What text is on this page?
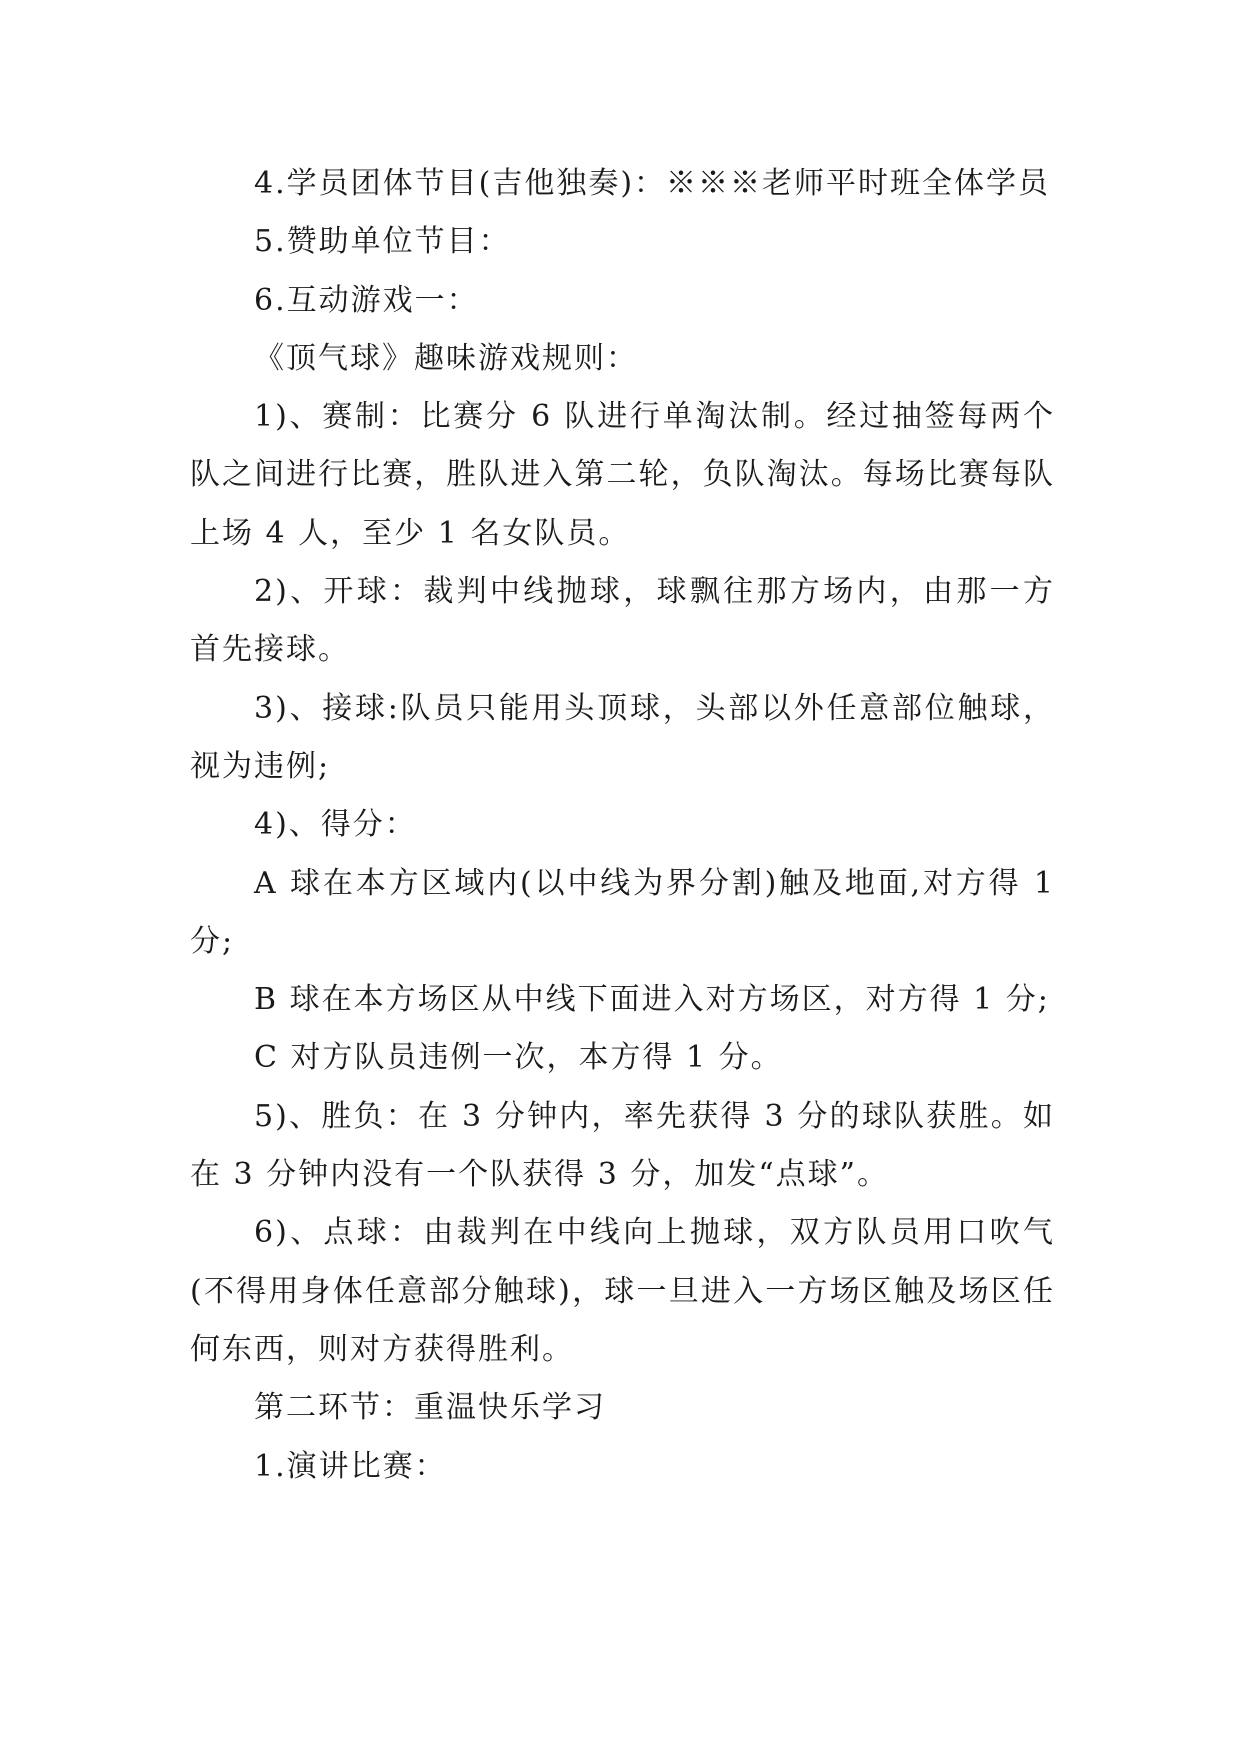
4.学员团体节目(吉他独奏)：※※※老师平时班全体学员

5.赞助单位节目：

6.互动游戏一：

《顶气球》趣味游戏规则：

1)、赛制：比赛分 6 队进行单淘汰制。经过抽签每两个队之间进行比赛，胜队进入第二轮，负队淘汰。每场比赛每队上场 4 人，至少 1 名女队员。

2)、开球：裁判中线抛球，球飘往那方场内，由那一方首先接球。

3)、接球:队员只能用头顶球，头部以外任意部位触球，视为违例;

4)、得分：

A 球在本方区域内(以中线为界分割)触及地面,对方得 1 分;

B 球在本方场区从中线下面进入对方场区，对方得 1 分;

C 对方队员违例一次，本方得 1 分。

5)、胜负：在 3 分钟内，率先获得 3 分的球队获胜。如在 3 分钟内没有一个队获得 3 分，加发“点球”。

6)、点球：由裁判在中线向上抛球，双方队员用口吹气(不得用身体任意部分触球)，球一旦进入一方场区触及场区任何东西，则对方获得胜利。

第二环节：重温快乐学习

1.演讲比赛：
